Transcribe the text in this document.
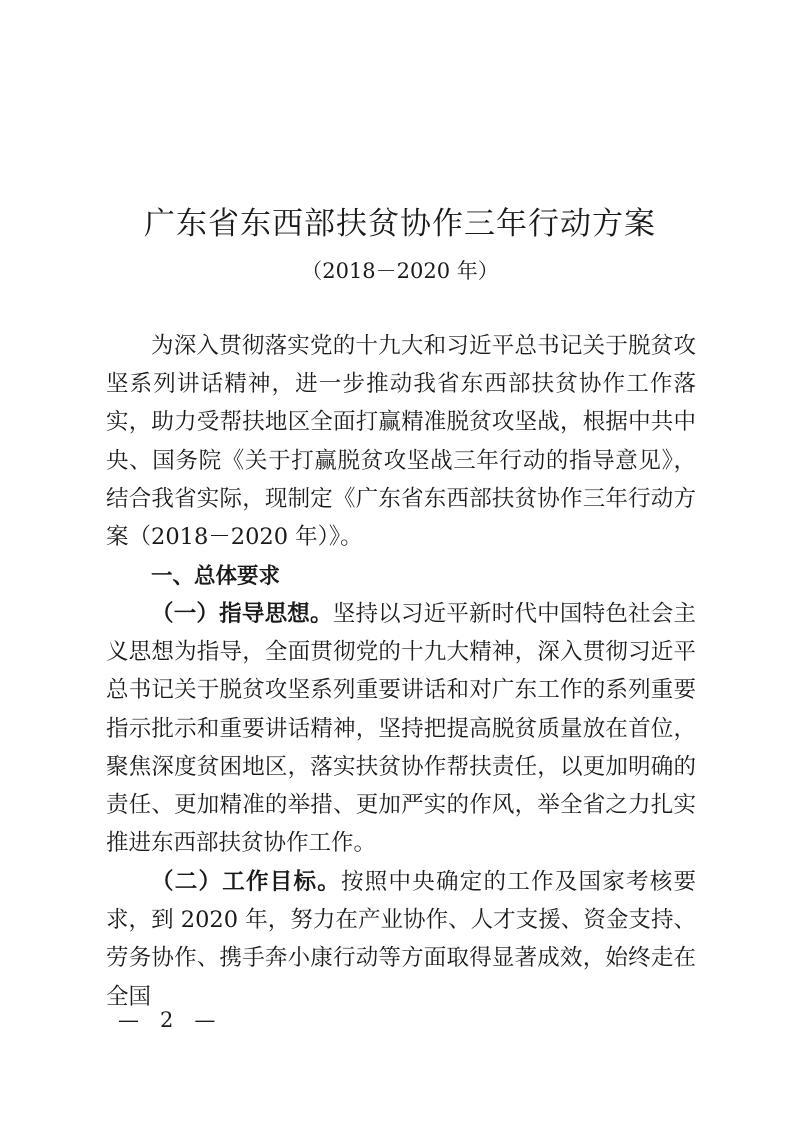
广东省东西部扶贫协作三年行动方案
（2018－2020 年）

为深入贯彻落实党的十九大和习近平总书记关于脱贫攻坚系列讲话精神，进一步推动我省东西部扶贫协作工作落实，助力受帮扶地区全面打赢精准脱贫攻坚战，根据中共中央、国务院《关于打赢脱贫攻坚战三年行动的指导意见》，结合我省实际，现制定《广东省东西部扶贫协作三年行动方案（2018－2020 年）》。

一、总体要求

（一）指导思想。坚持以习近平新时代中国特色社会主义思想为指导，全面贯彻党的十九大精神，深入贯彻习近平总书记关于脱贫攻坚系列重要讲话和对广东工作的系列重要指示批示和重要讲话精神，坚持把提高脱贫质量放在首位，聚焦深度贫困地区，落实扶贫协作帮扶责任，以更加明确的责任、更加精准的举措、更加严实的作风，举全省之力扎实推进东西部扶贫协作工作。

（二）工作目标。按照中央确定的工作及国家考核要求，到 2020 年，努力在产业协作、人才支援、资金支持、劳务协作、携手奔小康行动等方面取得显著成效，始终走在全国

—　2　—
